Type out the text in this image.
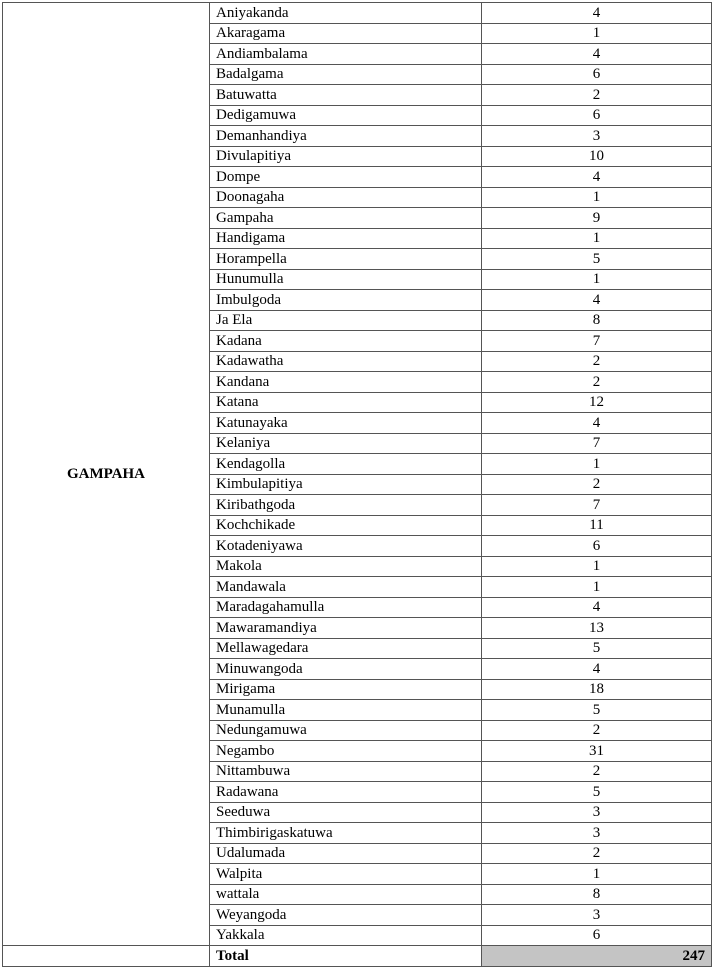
GAMPAHA	Aniyakanda	4
	Akaragama	1
	Andiambalama	4
	Badalgama	6
	Batuwatta	2
	Dedigamuwa	6
	Demanhandiya	3
	Divulapitiya	10
	Dompe	4
	Doonagaha	1
	Gampaha	9
	Handigama	1
	Horampella	5
	Hunumulla	1
	Imbulgoda	4
	Ja Ela	8
	Kadana	7
	Kadawatha	2
	Kandana	2
	Katana	12
	Katunayaka	4
	Kelaniya	7
	Kendagolla	1
	Kimbulapitiya	2
	Kiribathgoda	7
	Kochchikade	11
	Kotadeniyawa	6
	Makola	1
	Mandawala	1
	Maradagahamulla	4
	Mawaramandiya	13
	Mellawagedara	5
	Minuwangoda	4
	Mirigama	18
	Munamulla	5
	Nedungamuwa	2
	Negambo	31
	Nittambuwa	2
	Radawana	5
	Seeduwa	3
	Thimbirigaskatuwa	3
	Udalumada	2
	Walpita	1
	wattala	8
	Weyangoda	3
	Yakkala	6
	Total	247
